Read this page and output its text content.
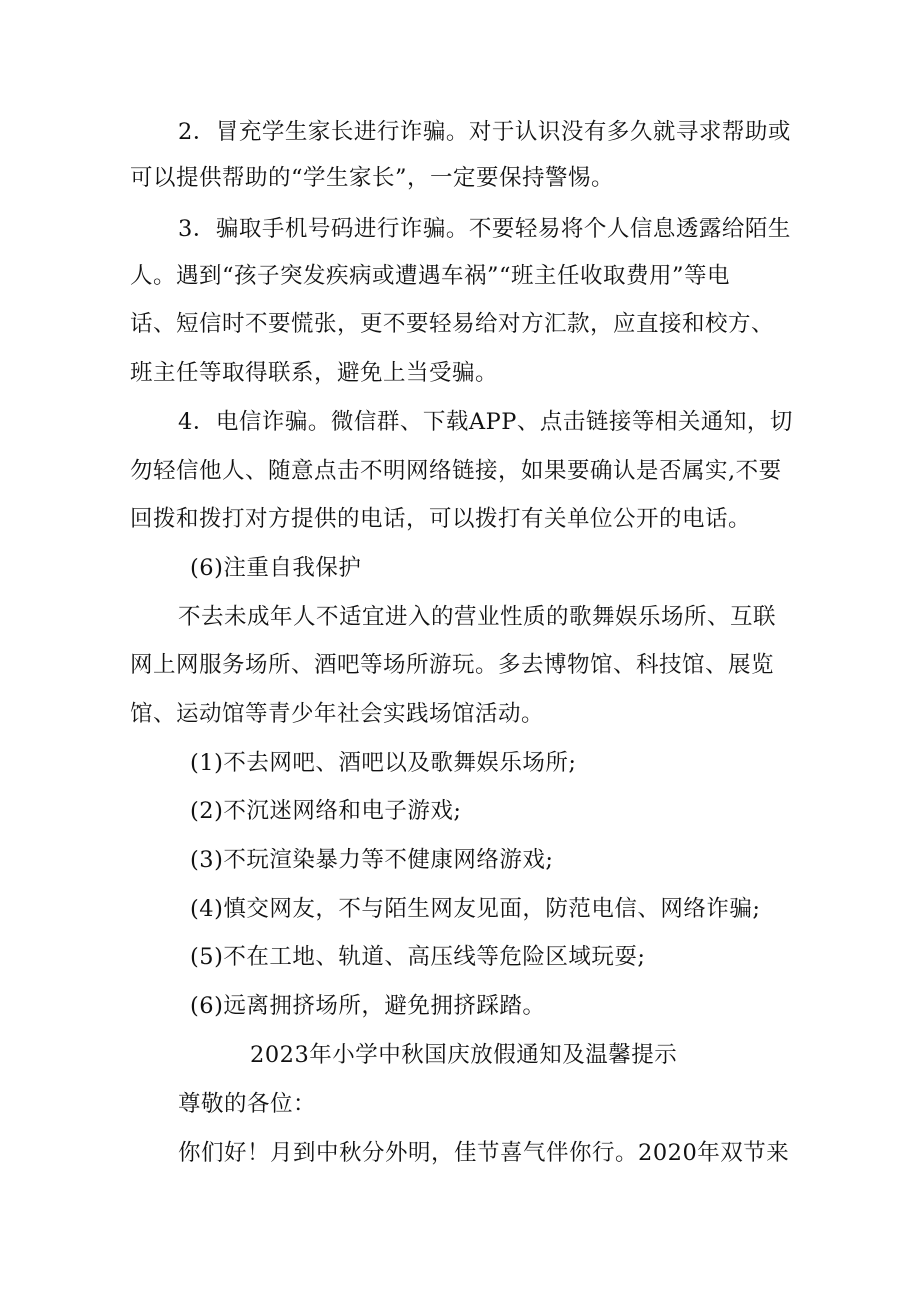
2．冒充学生家长进行诈骗。对于认识没有多久就寻求帮助或
可以提供帮助的“学生家长”，一定要保持警惕。
3．骗取手机号码进行诈骗。不要轻易将个人信息透露给陌生
人。遇到“孩子突发疾病或遭遇车祸”“班主任收取费用”等电
话、短信时不要慌张，更不要轻易给对方汇款，应直接和校方、
班主任等取得联系，避免上当受骗。
4．电信诈骗。微信群、下载APP、点击链接等相关通知，切
勿轻信他人、随意点击不明网络链接，如果要确认是否属实,不要
回拨和拨打对方提供的电话，可以拨打有关单位公开的电话。
(6)注重自我保护
不去未成年人不适宜进入的营业性质的歌舞娱乐场所、互联
网上网服务场所、酒吧等场所游玩。多去博物馆、科技馆、展览
馆、运动馆等青少年社会实践场馆活动。
(1)不去网吧、酒吧以及歌舞娱乐场所;
(2)不沉迷网络和电子游戏;
(3)不玩渲染暴力等不健康网络游戏;
(4)慎交网友，不与陌生网友见面，防范电信、网络诈骗;
(5)不在工地、轨道、高压线等危险区域玩耍;
(6)远离拥挤场所，避免拥挤踩踏。
2023年小学中秋国庆放假通知及温馨提示
尊敬的各位：
你们好！月到中秋分外明，佳节喜气伴你行。2020年双节来
